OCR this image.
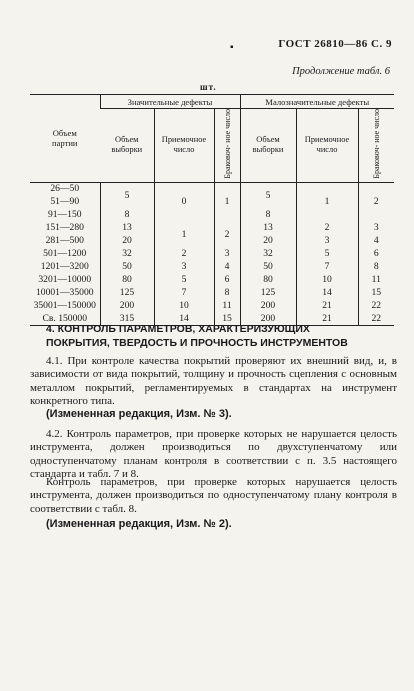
ГОСТ 26810—86 С. 9
▪
Продолжение табл. 6
шт.
Объем партии	Значительные дефекты			Малозначительные дефекты		
	Объем выборки	Приемочное число	Браковоч- ное число	Объем выборки	Приемочное число	Браковоч- ное число
26—50	5	0	1	5	1	2
51—90						
91—150	8			8		
151—280	13	1	2	13	2	3
281—500	20			20	3	4
501—1200	32	2	3	32	5	6
1201—3200	50	3	4	50	7	8
3201—10000	80	5	6	80	10	11
10001—35000	125	7	8	125	14	15
35001—150000	200	10	11	200	21	22
Св. 150000	315	14	15	200	21	22
4. КОНТРОЛЬ ПАРАМЕТРОВ, ХАРАКТЕРИЗУЮЩИХ ПОКРЫТИЯ, ТВЕРДОСТЬ И ПРОЧНОСТЬ ИНСТРУМЕНТОВ
4.1. При контроле качества покрытий проверяют их внешний вид, и, в зависимости от вида покрытий, толщину и прочность сцепления с основным металлом покрытий, регламентируемых в стандартах на инструмент конкретного типа.
(Измененная редакция, Изм. № 3).
4.2. Контроль параметров, при проверке которых не нарушается целость инструмента, должен производиться по двухступенчатому или одноступенчатому планам контроля в соответствии с п. 3.5 настоящего стандарта и табл. 7 и 8.
Контроль параметров, при проверке которых нарушается целость инструмента, должен производиться по одноступенчатому плану контроля в соответствии с табл. 8.
(Измененная редакция, Изм. № 2).
